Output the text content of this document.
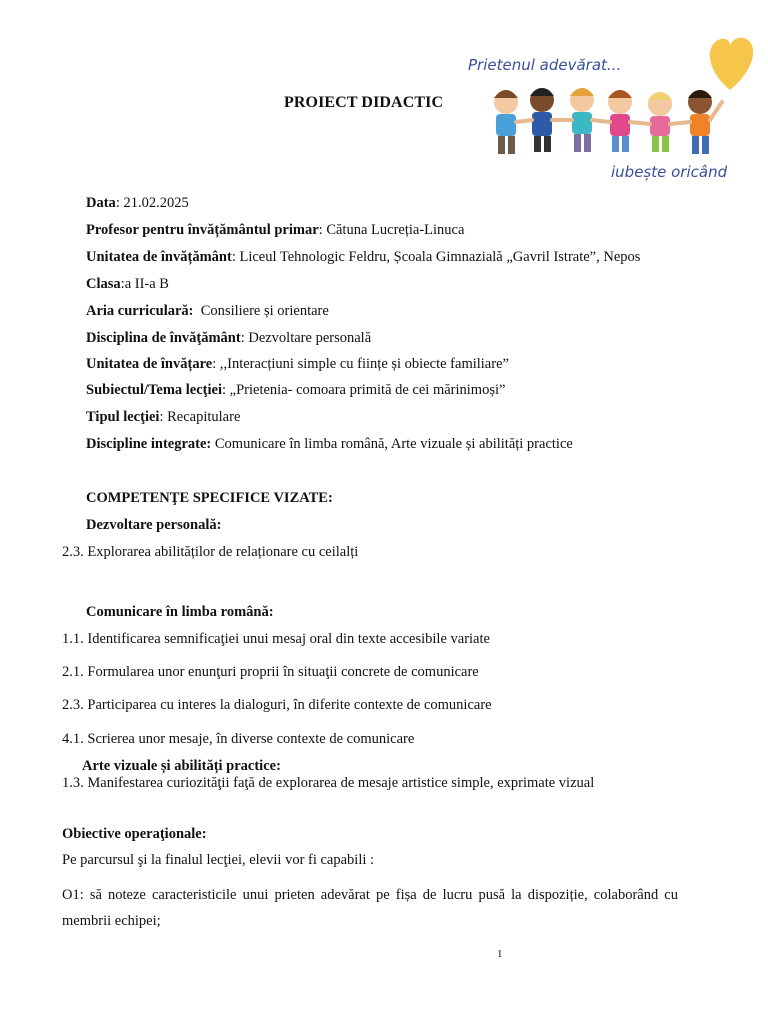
Prietenul adevărat...
iubește oricând
PROIECT DIDACTIC
Data: 21.02.2025
Profesor pentru învățământul primar: Cătuna Lucreția-Linuca
Unitatea de învățământ: Liceul Tehnologic Feldru, Școala Gimnazială „Gavril Istrate”, Nepos
Clasa:a II-a B
Aria curriculară: Consiliere și orientare
Disciplina de învăţământ: Dezvoltare personală
Unitatea de învățare: ,,Interacțiuni simple cu ființe și obiecte familiare”
Subiectul/Tema lecţiei: „Prietenia- comoara primită de cei mărinimoși”
Tipul lecţiei: Recapitulare
Discipline integrate: Comunicare în limba română, Arte vizuale și abilități practice
COMPETENŢE SPECIFICE VIZATE:
Dezvoltare personală:
2.3. Explorarea abilităților de relaționare cu ceilalți
Comunicare în limba română:
1.1. Identificarea semnificaţiei unui mesaj oral din texte accesibile variate
2.1. Formularea unor enunţuri proprii în situaţii concrete de comunicare
2.3. Participarea cu interes la dialoguri, în diferite contexte de comunicare
4.1. Scrierea unor mesaje, în diverse contexte de comunicare
Arte vizuale și abilități practice:
1.3. Manifestarea curiozităţii faţă de explorarea de mesaje artistice simple, exprimate vizual
Obiective operaţionale:
Pe parcursul şi la finalul lecţiei, elevii vor fi capabili :
O1: să noteze caracteristicile unui prieten adevărat pe fișa de lucru pusă la dispoziție, colaborând cu membrii echipei;
1
